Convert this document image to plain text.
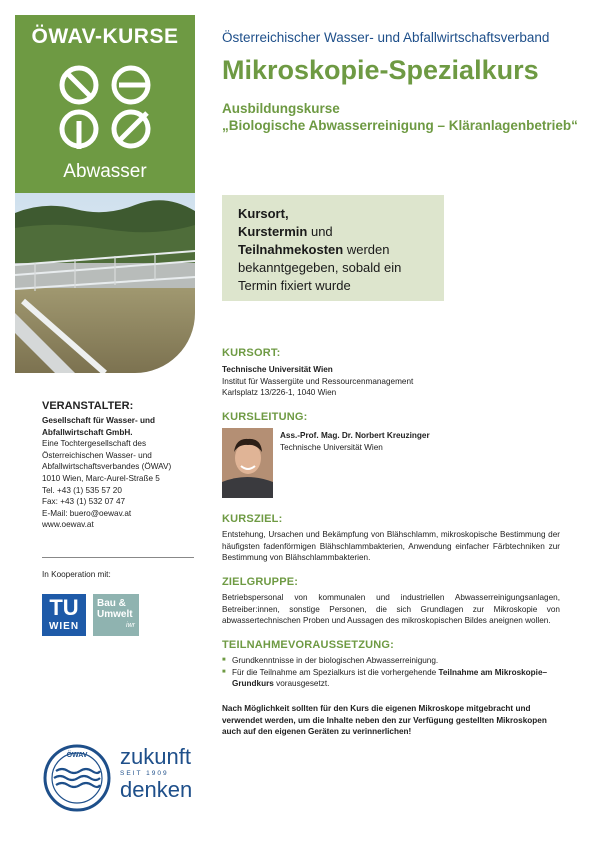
ÖWAV-KURSE
Abwasser
Österreichischer Wasser- und Abfallwirtschaftsverband
Mikroskopie-Spezialkurs
Ausbildungskurse
„Biologische Abwasserreinigung – Kläranlagenbetrieb“
Kursort,
Kurstermin und
Teilnahmekosten werden
bekanntgegeben, sobald ein
Termin fixiert wurde
KURSORT:
Technische Universität Wien
Institut für Wassergüte und Ressourcenmanagement
Karlsplatz 13/226-1, 1040 Wien
KURSLEITUNG:
Ass.-Prof. Mag. Dr. Norbert Kreuzinger
Technische Universität Wien
KURSZIEL:
Entstehung, Ursachen und Bekämpfung von Blähschlamm, mikroskopische Bestimmung der häufigsten fadenförmigen Blähschlammbakterien, Anwendung einfacher Färbtechniken zur Bestimmung von Blähschlammbakterien.
ZIELGRUPPE:
Betriebspersonal von kommunalen und industriellen Abwasserreinigungsanlagen, Betreiber:innen, sonstige Personen, die sich Grundlagen zur Mikroskopie von abwassertechnischen Proben und Aussagen des mikroskopischen Bildes aneignen wollen.
TEILNAHMEVORAUSSETZUNG:
■ Grundkenntnisse in der biologischen Abwasserreinigung.
■ Für die Teilnahme am Spezialkurs ist die vorhergehende Teilnahme am Mikroskopie–Grundkurs vorausgesetzt.
Nach Möglichkeit sollten für den Kurs die eigenen Mikroskope mitgebracht und verwendet werden, um die Inhalte neben den zur Verfügung gestellten Mikroskopen auch auf den eigenen Geräten zu verinnerlichen!
VERANSTALTER:
Gesellschaft für Wasser- und
Abfallwirtschaft GmbH.
Eine Tochtergesellschaft des
Österreichischen Wasser- und
Abfallwirtschaftsverbandes (ÖWAV)
1010 Wien, Marc-Aurel-Straße 5
Tel. +43 (1) 535 57 20
Fax: +43 (1) 532 07 47
E-Mail: buero@oewav.at
www.oewav.at
In Kooperation mit:
TU
WIEN
Bau &
Umwelt
iwr
ÖWAV zukunft
SEIT 1909
denken
